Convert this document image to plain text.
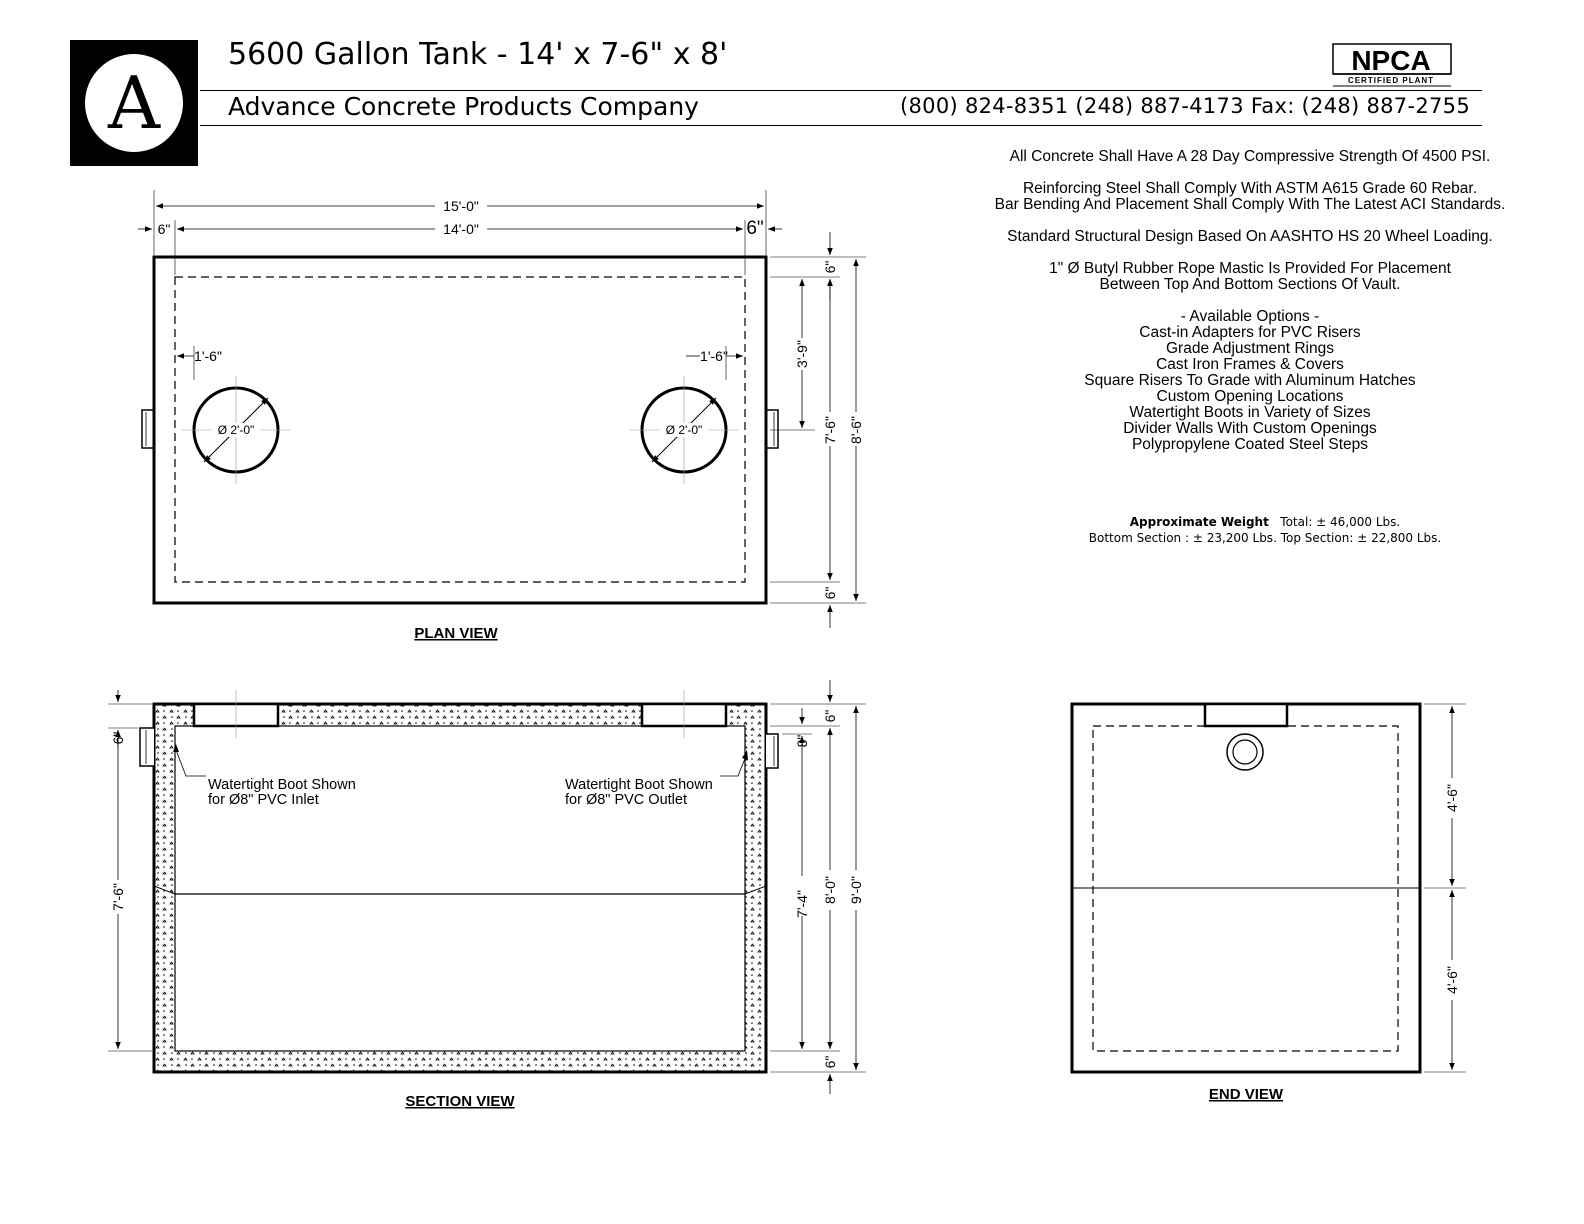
A
NPCA
CERTIFIED PLANT
Ø 2'-0"	Ø 2'-0"
15'-0"
14'-0"
6"	6"
1'-6"	1'-6"
6"
3'-9"
7'-6" 8'-6"
6"
PLAN VIEW
Watertight Boot Shown
for Ø8" PVC Inlet
Watertight Boot Shown
for Ø8" PVC Outlet
6"
7'-6"
6"
8"
7'-4"
8'-0" 9'-0"
6"
SECTION VIEW
4'-6"
4'-6"
END VIEW
5600 Gallon Tank - 14' x 7-6" x 8'
Advance Concrete Products Company	(800) 824-8351 (248) 887-4173 Fax: (248) 887-2755

All Concrete Shall Have A 28 Day Compressive Strength Of 4500 PSI.

Reinforcing Steel Shall Comply With ASTM A615 Grade 60 Rebar.
Bar Bending And Placement Shall Comply With The Latest ACI Standards.

Standard Structural Design Based On AASHTO HS 20 Wheel Loading.

1" Ø Butyl Rubber Rope Mastic Is Provided For Placement
Between Top And Bottom Sections Of Vault.

- Available Options -
Cast-in Adapters for PVC Risers
Grade Adjustment Rings
Cast Iron Frames & Covers
Square Risers To Grade with Aluminum Hatches
Custom Opening Locations
Watertight Boots in Variety of Sizes
Divider Walls With Custom Openings
Polypropylene Coated Steel Steps
Approximate Weight Total: ± 46,000 Lbs.
Bottom Section : ± 23,200 Lbs. Top Section: ± 22,800 Lbs.
